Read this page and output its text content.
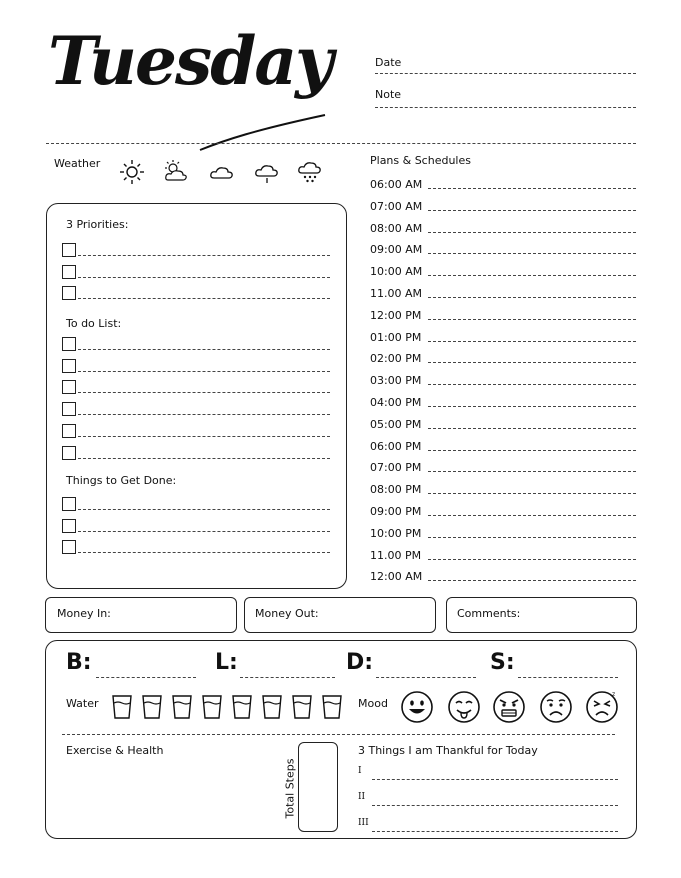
Tuesday	Date
Note
Weather
3 Priorities:
To do List:
Things to Get Done:
Plans & Schedules
06:00 AM
07:00 AM
08:00 AM
09:00 AM
10:00 AM
11.00 AM
12:00 PM
01:00 PM
02:00 PM
03:00 PM
04:00 PM
05:00 PM
06:00 PM
07:00 PM
08:00 PM
09:00 PM
10:00 PM
11.00 PM
12:00 AM
Money In:	Money Out:	Comments:
B:	L:	D:	S:
Water	Mood
z
Exercise & Health
Total Steps
3 Things I am Thankful for Today
I
II
III
